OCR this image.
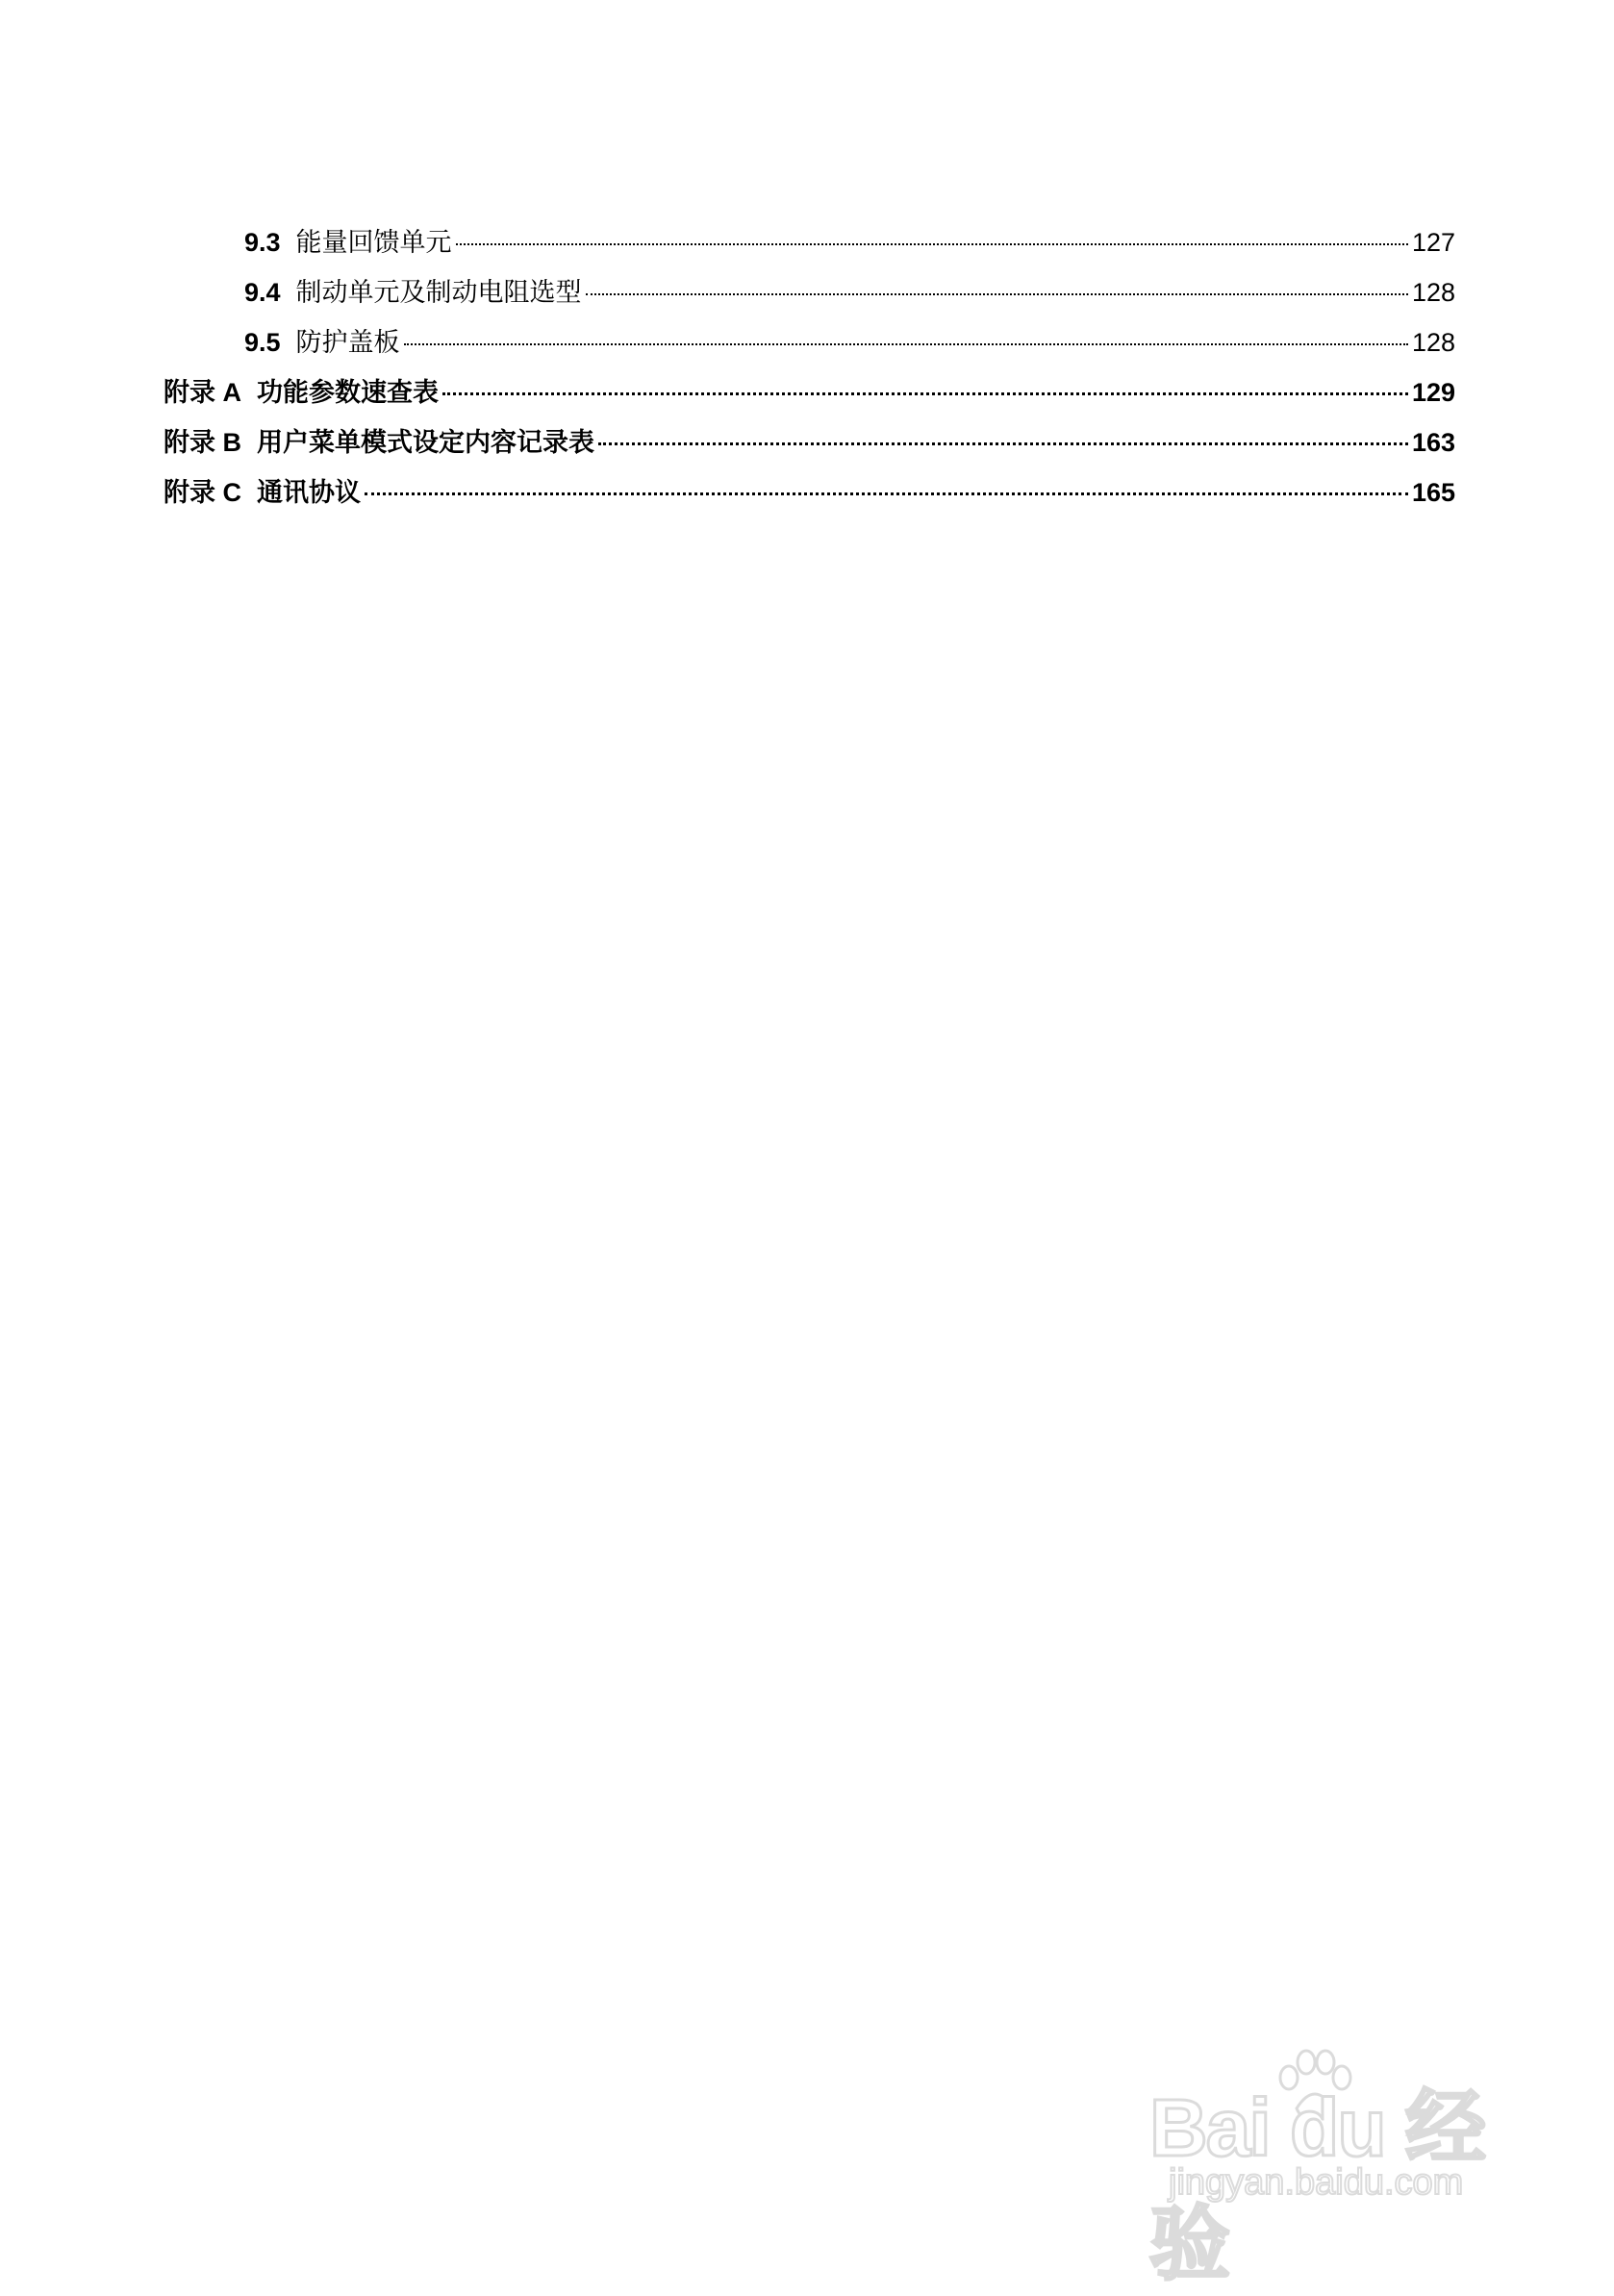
9.3 能量回馈单元	127
9.4 制动单元及制动电阻选型	128
9.5 防护盖板	128
附录 A 功能参数速查表	129
附录 B 用户菜单模式设定内容记录表	163
附录 C 通讯协议	165
Bai du 经验
jingyan.baidu.com
